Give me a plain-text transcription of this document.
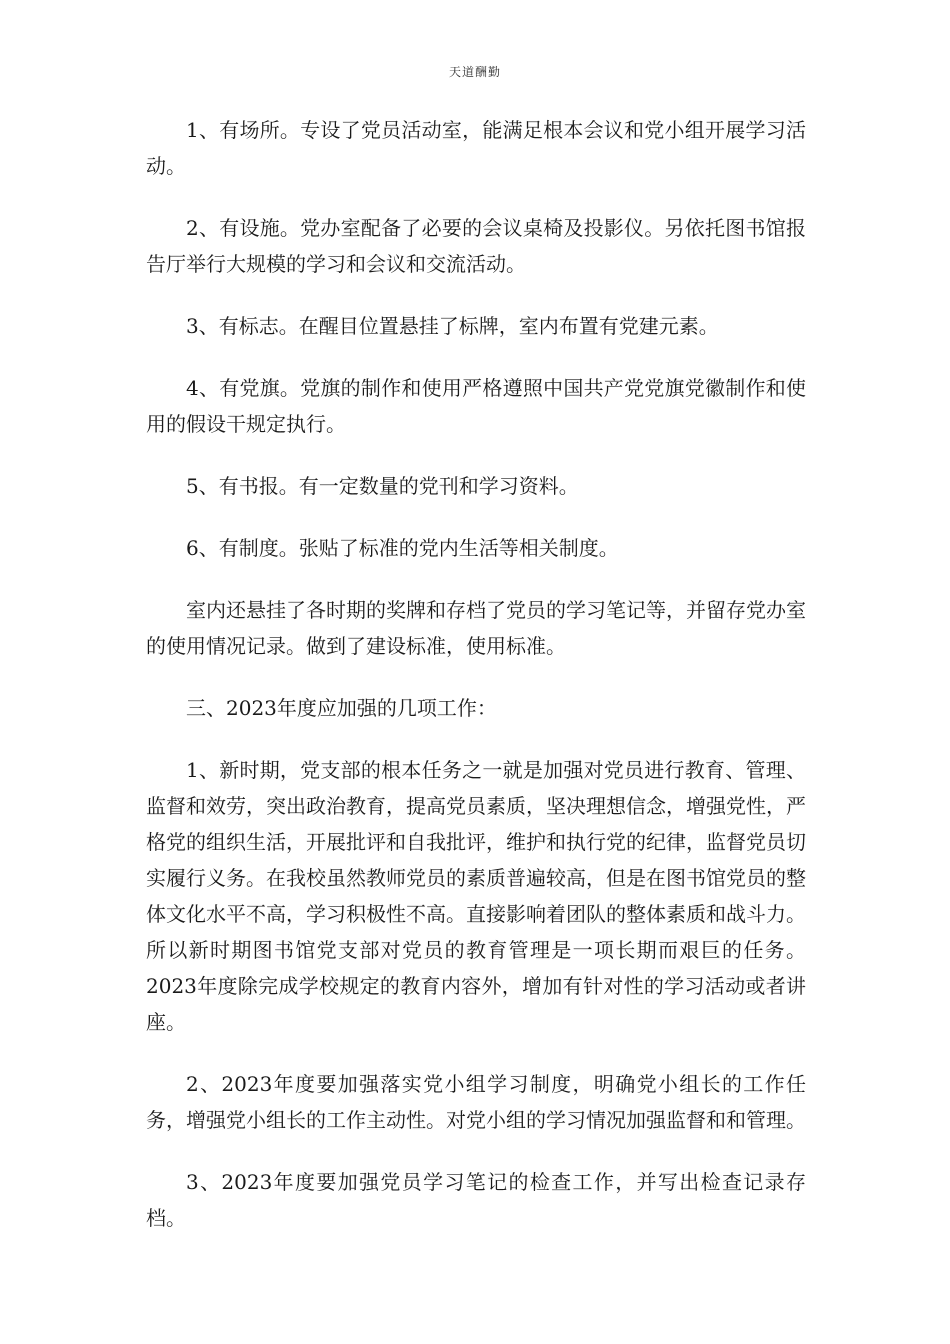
天道酬勤

1、有场所。专设了党员活动室，能满足根本会议和党小组开展学习活动。

2、有设施。党办室配备了必要的会议桌椅及投影仪。另依托图书馆报告厅举行大规模的学习和会议和交流活动。

3、有标志。在醒目位置悬挂了标牌，室内布置有党建元素。

4、有党旗。党旗的制作和使用严格遵照中国共产党党旗党徽制作和使用的假设干规定执行。

5、有书报。有一定数量的党刊和学习资料。

6、有制度。张贴了标准的党内生活等相关制度。

室内还悬挂了各时期的奖牌和存档了党员的学习笔记等，并留存党办室的使用情况记录。做到了建设标准，使用标准。

三、2023年度应加强的几项工作：

1、新时期，党支部的根本任务之一就是加强对党员进行教育、管理、监督和效劳，突出政治教育，提高党员素质，坚决理想信念，增强党性，严格党的组织生活，开展批评和自我批评，维护和执行党的纪律，监督党员切实履行义务。在我校虽然教师党员的素质普遍较高，但是在图书馆党员的整体文化水平不高，学习积极性不高。直接影响着团队的整体素质和战斗力。所以新时期图书馆党支部对党员的教育管理是一项长期而艰巨的任务。2023年度除完成学校规定的教育内容外，增加有针对性的学习活动或者讲座。

2、2023年度要加强落实党小组学习制度，明确党小组长的工作任务，增强党小组长的工作主动性。对党小组的学习情况加强监督和和管理。

3、2023年度要加强党员学习笔记的检查工作，并写出检查记录存档。
